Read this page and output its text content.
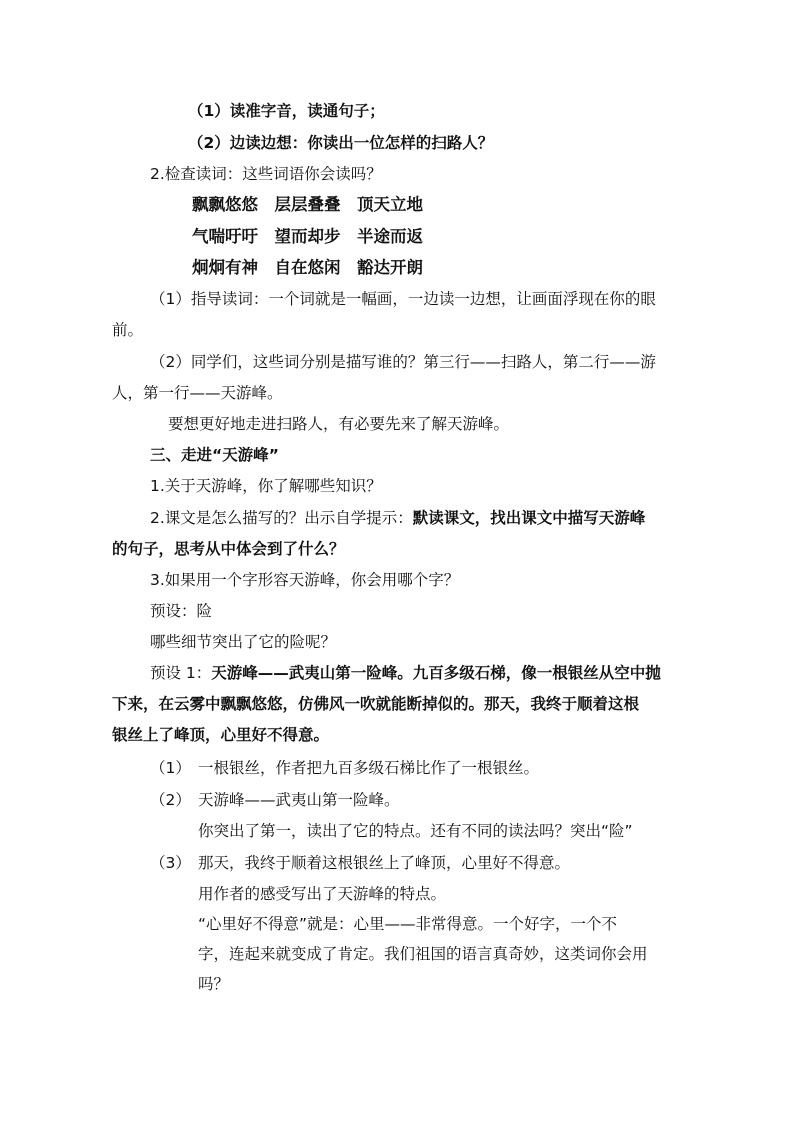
（1）读准字音，读通句子；
（2）边读边想：你读出一位怎样的扫路人？
2.检查读词：这些词语你会读吗？
飘飘悠悠　层层叠叠　顶天立地
气喘吁吁　望而却步　半途而返
炯炯有神　自在悠闲　豁达开朗
（1）指导读词：一个词就是一幅画，一边读一边想，让画面浮现在你的眼
前。
（2）同学们，这些词分别是描写谁的？第三行——扫路人，第二行——游
人，第一行——天游峰。
要想更好地走进扫路人，有必要先来了解天游峰。
三、走进“天游峰”
1.关于天游峰，你了解哪些知识？
2.课文是怎么描写的？出示自学提示：默读课文，找出课文中描写天游峰
的句子，思考从中体会到了什么？
3.如果用一个字形容天游峰，你会用哪个字？
预设：险
哪些细节突出了它的险呢？
预设 1：天游峰——武夷山第一险峰。九百多级石梯，像一根银丝从空中抛
下来，在云雾中飘飘悠悠，仿佛风一吹就能断掉似的。那天，我终于顺着这根
银丝上了峰顶，心里好不得意。
（1） 一根银丝，作者把九百多级石梯比作了一根银丝。
（2） 天游峰——武夷山第一险峰。
你突出了第一，读出了它的特点。还有不同的读法吗？突出“险”
（3） 那天，我终于顺着这根银丝上了峰顶，心里好不得意。
用作者的感受写出了天游峰的特点。
“心里好不得意”就是：心里——非常得意。一个好字，一个不
字，连起来就变成了肯定。我们祖国的语言真奇妙，这类词你会用
吗？
